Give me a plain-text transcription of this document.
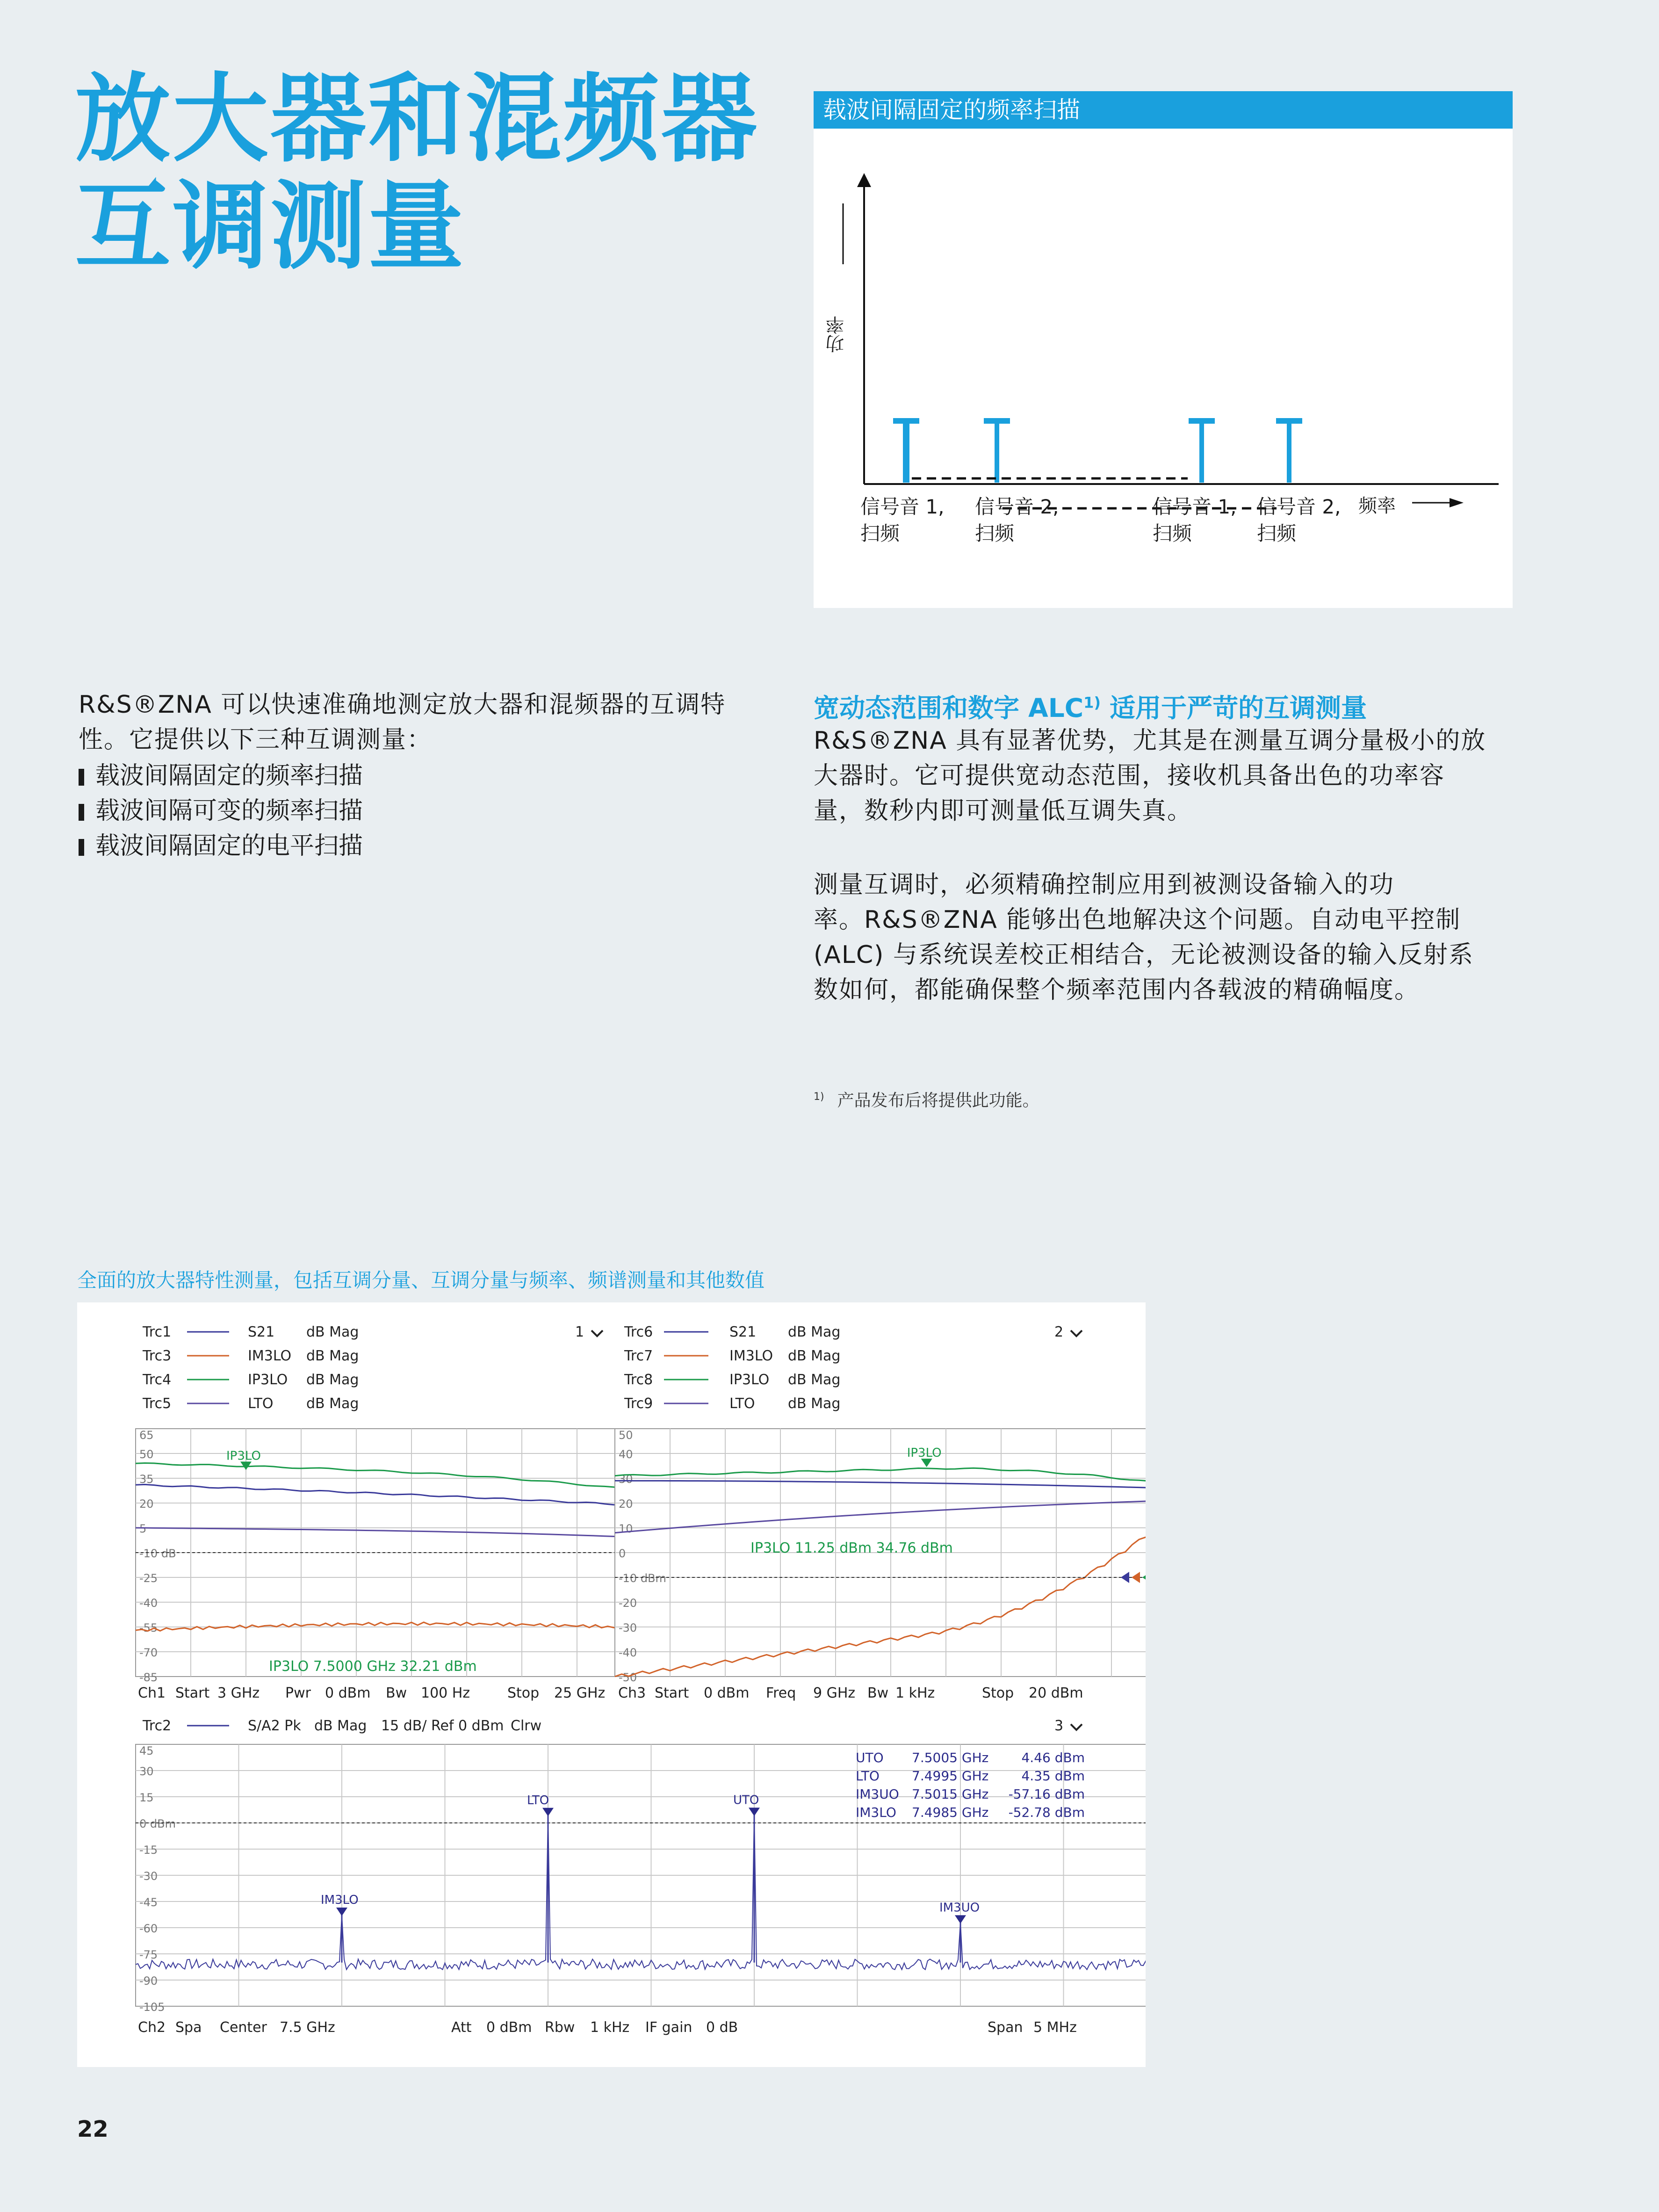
放大器和混频器
互调测量
载波间隔固定的频率扫描
功率
频率
信号音 1,
扫频
信号音 2,
扫频
信号音 1,
扫频
信号音 2,
扫频
R&S®ZNA 可以快速准确地测定放大器和混频器的互调特
性。它提供以下三种互调测量：
载波间隔固定的频率扫描
载波间隔可变的频率扫描
载波间隔固定的电平扫描
宽动态范围和数字 ALC$^{1)}$ 适用于严苛的互调测量
R&S®ZNA 具有显著优势，尤其是在测量互调分量极小的放
大器时。它可提供宽动态范围，接收机具备出色的功率容
量，数秒内即可测量低互调失真。
测量互调时，必须精确控制应用到被测设备输入的功
率。R&S®ZNA 能够出色地解决这个问题。自动电平控制
(ALC) 与系统误差校正相结合，无论被测设备的输入反射系
数如何，都能确保整个频率范围内各载波的精确幅度。
$^{1)}$ 产品发布后将提供此功能。
全面的放大器特性测量，包括互调分量、互调分量与频率、频谱测量和其他数值
Trc1	S21 dB Mag
Trc3	IM3LO dB Mag
Trc4	IP3LO dB Mag
Trc5	LTO dB Mag
1	Trc6	S21 dB Mag
Trc7	IM3LO dB Mag
Trc8	IP3LO dB Mag
Trc9	LTO dB Mag
2
65
50
35
20
5
-10 dB
-25
-40
-55
-70
-85
IP3LO
IP3LO 7.5000 GHz 32.21 dBm
50
40
30
20
10
0
-10 dBm
-20
-30
-40
-50
IP3LO
IP3LO 11.25 dBm 34.76 dBm
45
30
15
0 dBm
-15
-30
-45
-60
-75
-90
-105
IM3LO
LTO	UTO
IM3UO
UTO 7.5005 GHz	4.46 dBm
LTO 7.4995 GHz	4.35 dBm
IM3UO 7.5015 GHz -57.16 dBm
IM3LO 7.4985 GHz -52.78 dBm
Ch1 Start 3 GHz Pwr 0 dBm Bw 100 Hz	Stop 25 GHz Ch3 Start 0 dBm Freq 9 GHz Bw 1 kHz	Stop 20 dBm
Trc2	S/A2 Pk dB Mag 15 dB/ Ref 0 dBm Clrw	3
Ch2 Spa Center 7.5 GHz	Att 0 dBm Rbw 1 kHz IF gain 0 dB	Span 5 MHz
22
